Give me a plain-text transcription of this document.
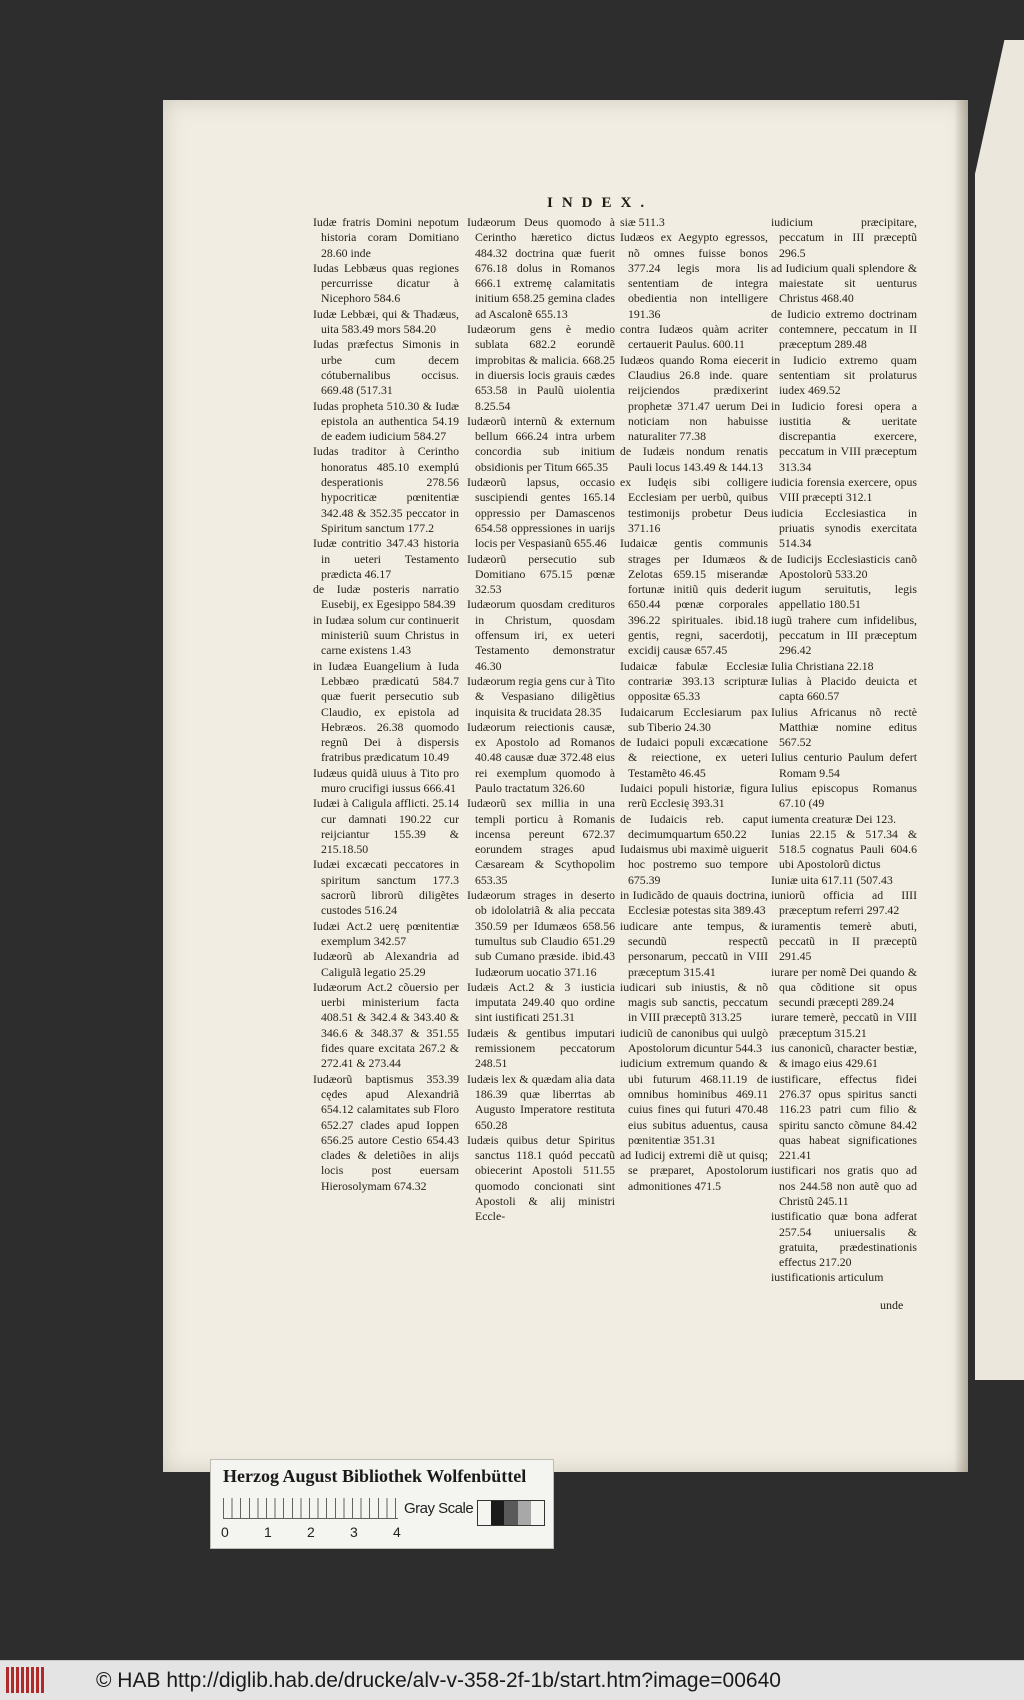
INDEX.

Iudæ fratris Domini nepotum historia coram Domitiano 28.60 inde

Iudas Lebbæus quas regiones percurrisse dicatur à Nicephoro 584.6

Iudæ Lebbæi, qui & Thadæus, uita 583.49 mors 584.20

Iudas præfectus Simonis in urbe cum decem cótubernalibus occisus. 669.48 (517.31

Iudas propheta 510.30 & Iudæ epistola an authentica 54.19 de eadem iudicium 584.27

Iudas traditor à Cerintho honoratus 485.10 exemplú desperationis 278.56 hypocriticæ pœnitentiæ 342.48 & 352.35 peccator in Spiritum sanctum 177.2

Iudæ contritio 347.43 historia in ueteri Testamento prædicta 46.17

de Iudæ posteris narratio Eusebij, ex Egesippo 584.39

in Iudæa solum cur continuerit ministeriũ suum Christus in carne existens 1.43

in Iudæa Euangelium à Iuda Lebbæo prædicatú 584.7 quæ fuerit persecutio sub Claudio, ex epistola ad Hebræos. 26.38 quomodo regnũ Dei à dispersis fratribus prædicatum 10.49

Iudæus quidã uiuus à Tito pro muro crucifigi iussus 666.41

Iudæi à Caligula afflicti. 25.14 cur damnati 190.22 cur reijciantur 155.39 & 215.18.50

Iudæi excæcati peccatores in spiritum sanctum 177.3 sacrorũ librorũ diligẽtes custodes 516.24

Iudæi Act.2 uerę pœnitentiæ exemplum 342.57

Iudæorũ ab Alexandria ad Caligulã legatio 25.29

Iudæorum Act.2 cõuersio per uerbi ministerium facta 408.51 & 342.4 & 343.40 & 346.6 & 348.37 & 351.55 fides quare excitata 267.2 & 272.41 & 273.44

Iudæorũ baptismus 353.39 cędes apud Alexandriã 654.12 calamitates sub Floro 652.27 clades apud Ioppen 656.25 autore Cestio 654.43 clades & deletiões in alijs locis post euersam Hierosolymam 674.32

Iudæorum Deus quomodo à Cerintho hæretico dictus 484.32 doctrina quæ fuerit 676.18 dolus in Romanos 666.1 extremę calamitatis initium 658.25 gemina clades ad Ascalonẽ 655.13

Iudæorum gens è medio sublata 682.2 eorundẽ improbitas & malicia. 668.25 in diuersis locis grauis cædes 653.58 in Paulũ uiolentia 8.25.54

Iudæorũ internũ & externum bellum 666.24 intra urbem concordia sub initium obsidionis per Titum 665.35

Iudæorũ lapsus, occasio suscipiendi gentes 165.14 oppressio per Damascenos 654.58 oppressiones in uarijs locis per Vespasianũ 655.46

Iudæorũ persecutio sub Domitiano 675.15 pœnæ 32.53

Iudæorum quosdam credituros in Christum, quosdam offensum iri, ex ueteri Testamento demonstratur 46.30

Iudæorum regia gens cur à Tito & Vespasiano diligẽtius inquisita & trucidata 28.35

Iudæorum reiectionis causæ, ex Apostolo ad Romanos 40.48 causæ duæ 372.48 eius rei exemplum quomodo à Paulo tractatum 326.60

Iudæorũ sex millia in una templi porticu à Romanis incensa pereunt 672.37 eorundem strages apud Cæsaream & Scythopolim 653.35

Iudæorum strages in deserto ob idololatriã & alia peccata 350.59 per Idumæos 658.56 tumultus sub Claudio 651.29 sub Cumano præside. ibid.43 Iudæorum uocatio 371.16

Iudæis Act.2 & 3 iusticia imputata 249.40 quo ordine sint iustificati 251.31

Iudæis & gentibus imputari remissionem peccatorum 248.51

Iudæis lex & quædam alia data 186.39 quæ liberrtas ab Augusto Imperatore restituta 650.28

Iudæis quibus detur Spiritus sanctus 118.1 quód peccatũ obiecerint Apostoli 511.55 quomodo concionati sint Apostoli & alij ministri Eccle-

siæ 511.3

Iudæos ex Aegypto egressos, nõ omnes fuisse bonos 377.24 legis mora lis sententiam de integra obedientia non intelligere 191.36

contra Iudæos quàm acriter certauerit Paulus. 600.11

Iudæos quando Roma eiecerit Claudius 26.8 inde. quare reijciendos prædixerint prophetæ 371.47 uerum Dei noticiam non habuisse naturaliter 77.38

de Iudæis nondum renatis Pauli locus 143.49 & 144.13

ex Iudęis sibi colligere Ecclesiam per uerbũ, quibus testimonijs probetur Deus 371.16

Iudaicæ gentis communis strages per Idumæos & Zelotas 659.15 miserandæ fortunæ initiũ quis dederit 650.44 pœnæ corporales 396.22 spirituales. ibid.18 gentis, regni, sacerdotij, excidij causæ 657.45

Iudaicæ fabulæ Ecclesiæ contrariæ 393.13 scripturæ oppositæ 65.33

Iudaicarum Ecclesiarum pax sub Tiberio 24.30

de Iudaici populi excæcatione & reiectione, ex ueteri Testamẽto 46.45

Iudaici populi historiæ, figura rerũ Ecclesię 393.31

de Iudaicis reb. caput decimumquartum 650.22

Iudaismus ubi maximè uiguerit hoc postremo suo tempore 675.39

in Iudicãdo de quauis doctrina, Ecclesiæ potestas sita 389.43

iudicare ante tempus, & secundũ respectũ personarum, peccatũ in VIII præceptum 315.41

iudicari sub iniustis, & nõ magis sub sanctis, peccatum in VIII præceptũ 313.25

iudiciũ de canonibus qui uulgò Apostolorum dicuntur 544.3

iudicium extremum quando & ubi futurum 468.11.19 de omnibus hominibus 469.11 cuius fines qui futuri 470.48 eius subitus aduentus, causa pœnitentiæ 351.31

ad Iudicij extremi diẽ ut quisq; se præparet, Apostolorum admonitiones 471.5

iudicium præcipitare, peccatum in III præceptũ 296.5

ad Iudicium quali splendore & maiestate sit uenturus Christus 468.40

de Iudicio extremo doctrinam contemnere, peccatum in II præceptum 289.48

in Iudicio extremo quam sententiam sit prolaturus iudex 469.52

in Iudicio foresi opera a iustitia & ueritate discrepantia exercere, peccatum in VIII præceptum 313.34

iudicia forensia exercere, opus VIII præcepti 312.1

iudicia Ecclesiastica in priuatis synodis exercitata 514.34

de Iudicijs Ecclesiasticis canõ Apostolorũ 533.20

iugum seruitutis, legis appellatio 180.51

iugũ trahere cum infidelibus, peccatum in III præceptum 296.42

Iulia Christiana 22.18

Iulias à Placido deuicta et capta 660.57

Iulius Africanus nõ rectè Matthiæ nomine editus 567.52

Iulius centurio Paulum defert Romam 9.54

Iulius episcopus Romanus 67.10 (49

iumenta creaturæ Dei 123.

Iunias 22.15 & 517.34 & 518.5 cognatus Pauli 604.6 ubi Apostolorũ dictus

Iuniæ uita 617.11 (507.43

iuniorũ officia ad IIII præceptum referri 297.42

iuramentis temerè abuti, peccatũ in II præceptũ 291.45

iurare per nomẽ Dei quando & qua cõditione sit opus secundi præcepti 289.24

iurare temerè, peccatũ in VIII præceptum 315.21

ius canonicũ, character bestiæ, & imago eius 429.61

iustificare, effectus fidei 276.37 opus spiritus sancti 116.23 patri cum filio & spiritu sancto cõmune 84.42 quas habeat significationes 221.41

iustificari nos gratis quo ad nos 244.58 non autẽ quo ad Christũ 245.11

iustificatio quæ bona adferat 257.54 uniuersalis & gratuita, prædestinationis effectus 217.20

iustificationis articulum

unde
Herzog August Bibliothek Wolfenbüttel
0	1	2	3	4
Gray Scale
© HAB http://diglib.hab.de/drucke/alv-v-358-2f-1b/start.htm?image=00640
